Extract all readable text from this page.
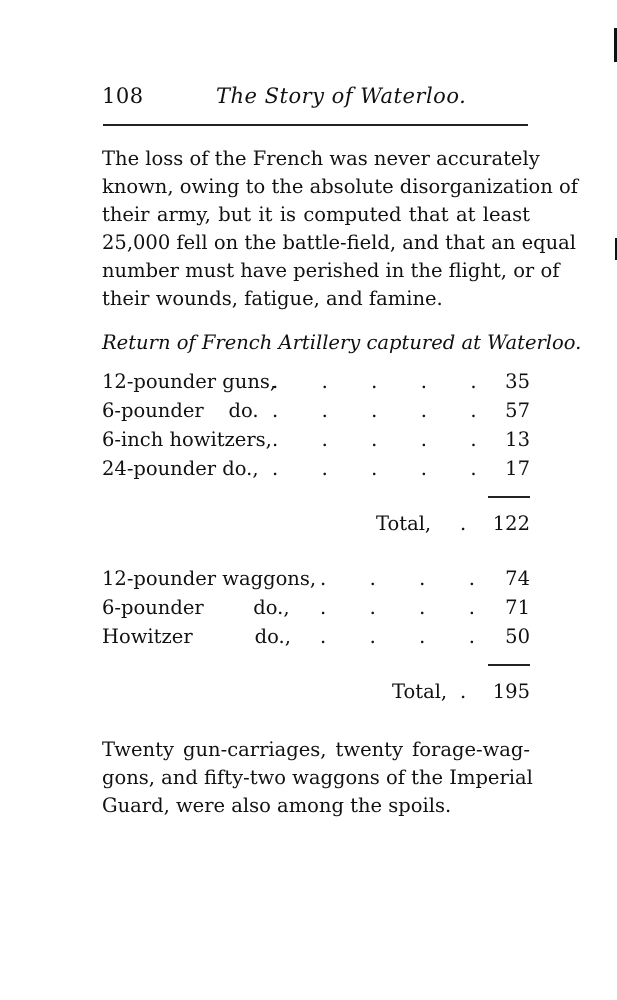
108	The Story of Waterloo.
The loss of the French was never accurately
known, owing to the absolute disorganization of
their army, but it is computed that at least
25,000 fell on the battle-field, and that an equal
number must have perished in the flight, or of
their wounds, fatigue, and famine.
Return of French Artillery captured at Waterloo.
12-pounder guns,
.       .       .       .       . 35
6-pounder    do. .       .       .       .       . 57
6-inch howitzers, .       .       .       .       . 13
24-pounder do., .       .       .       .       . 17
Total, . 122
12-pounder waggons, .       .       .       . 74
6-pounder        do., .       .       .       . 71
Howitzer          do., .       .       .       . 50
Total, . 195
Twenty gun-carriages, twenty forage-wag-
gons, and fifty-two waggons of the Imperial
Guard, were also among the spoils.
